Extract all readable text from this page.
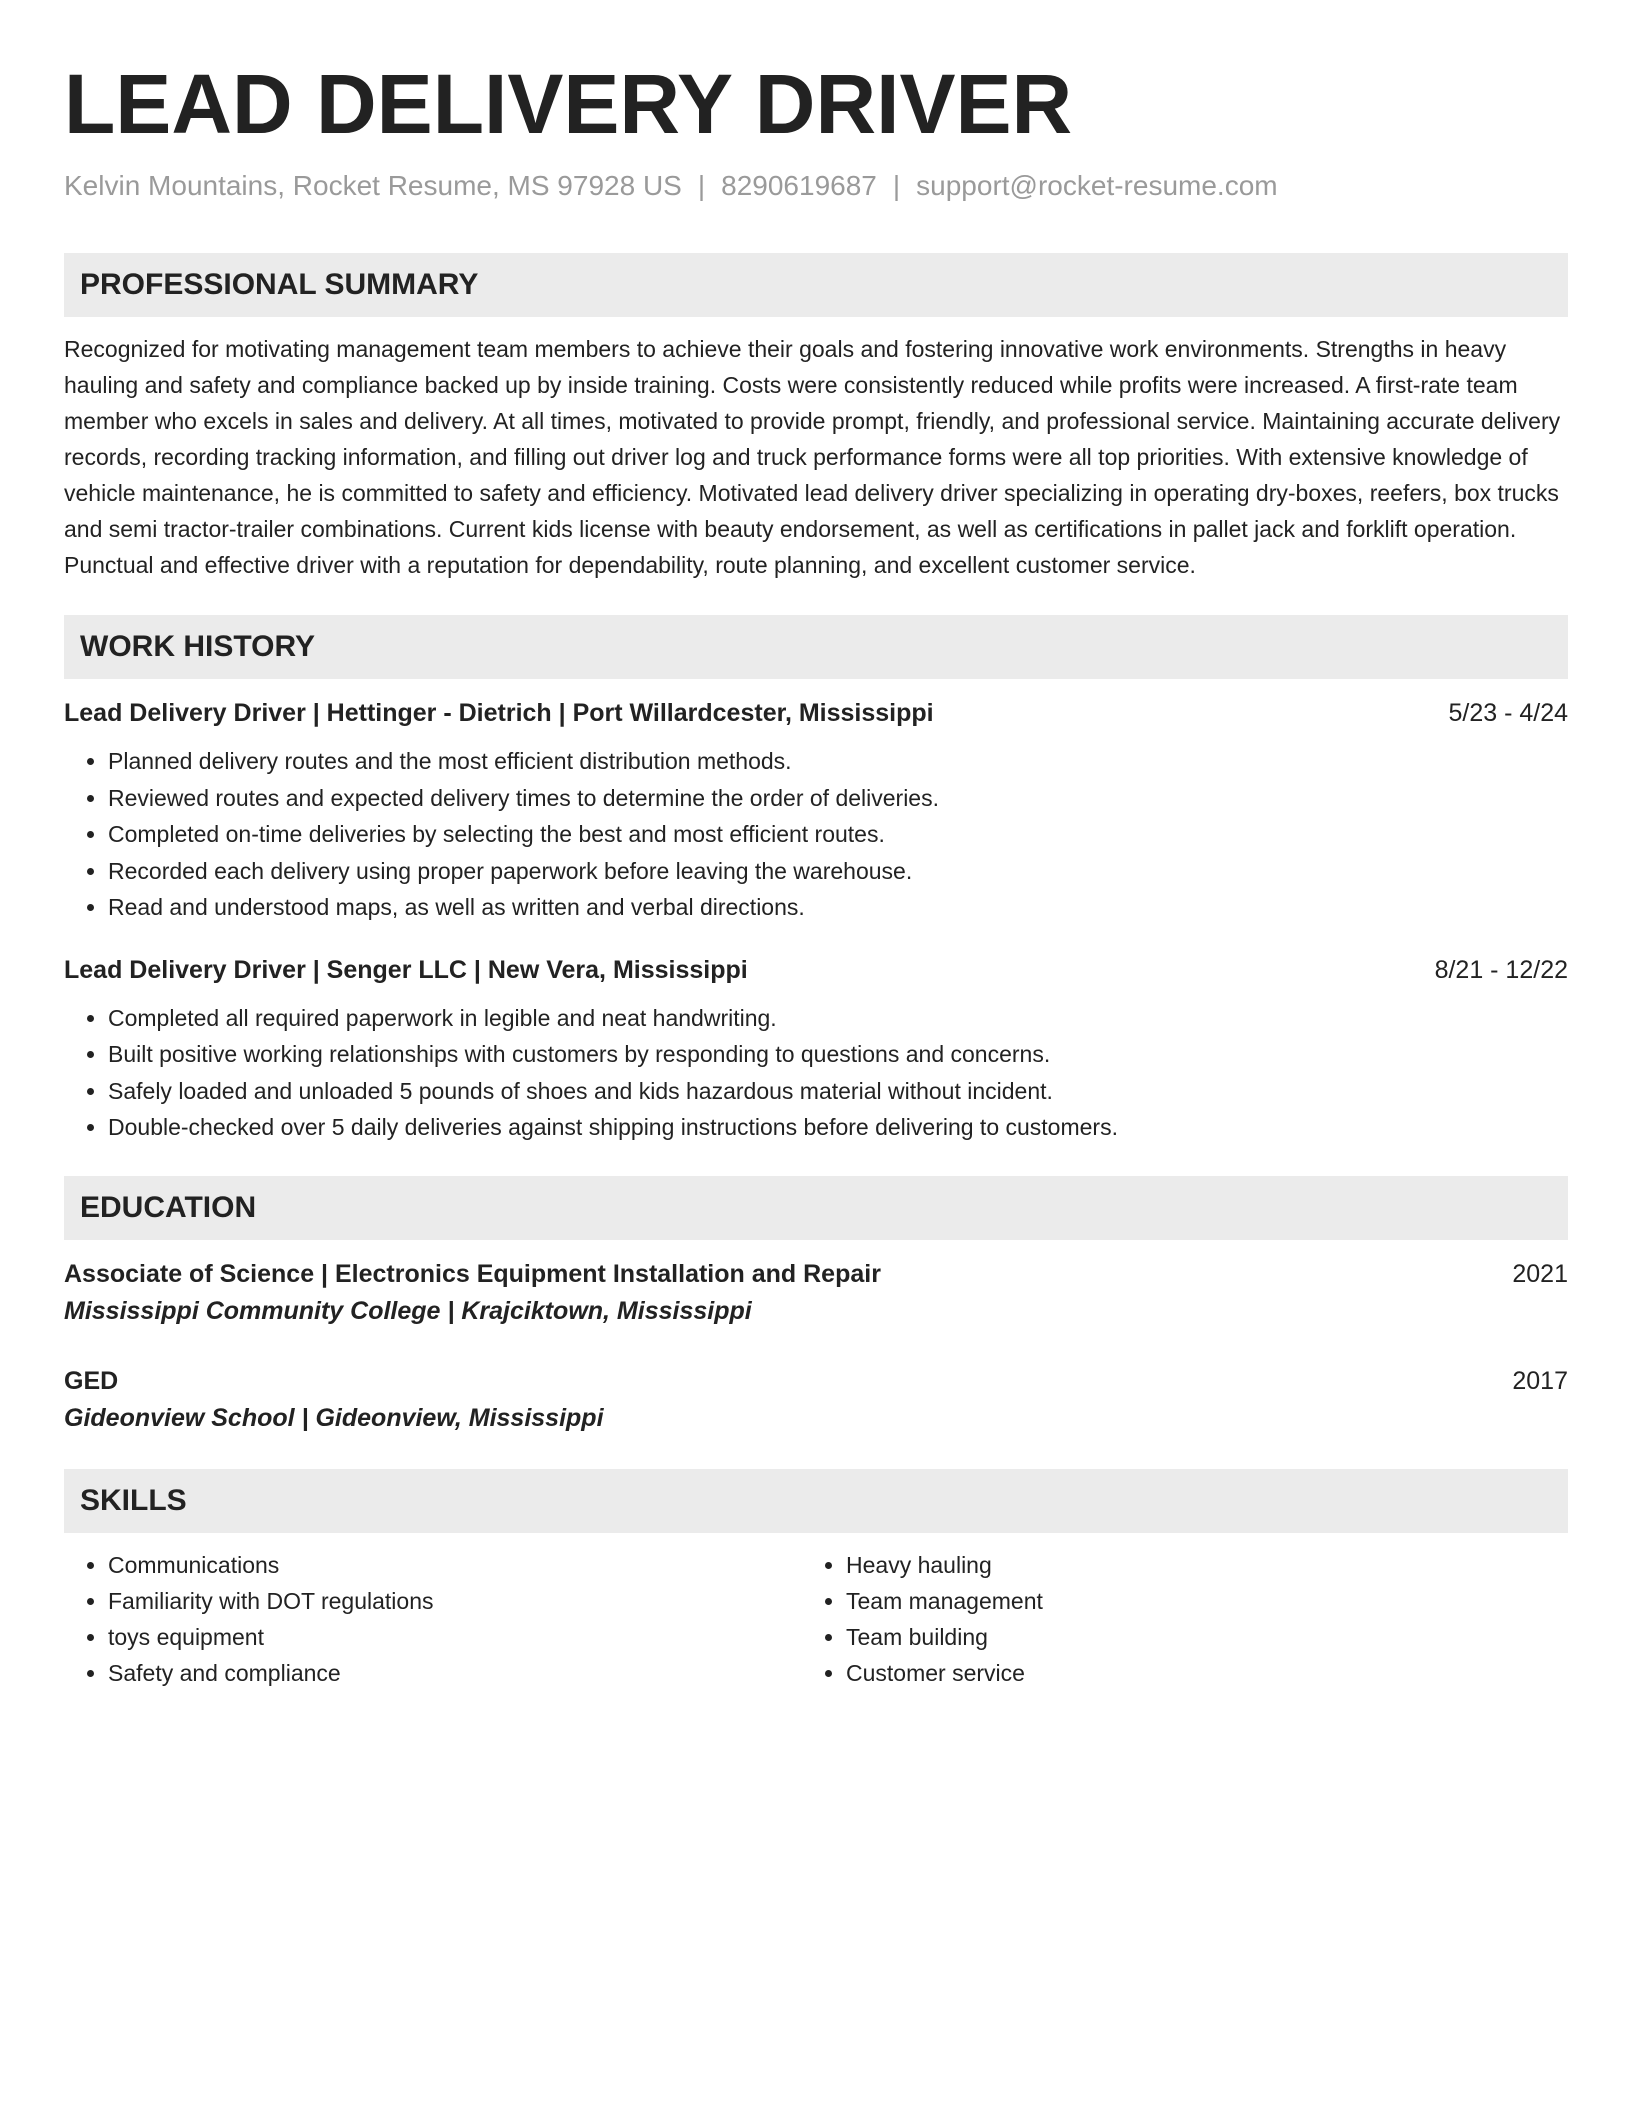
LEAD DELIVERY DRIVER
Kelvin Mountains, Rocket Resume, MS 97928 US | 8290619687 | support@rocket-resume.com
PROFESSIONAL SUMMARY

Recognized for motivating management team members to achieve their goals and fostering innovative work environments. Strengths in heavy hauling and safety and compliance backed up by inside training. Costs were consistently reduced while profits were increased. A first-rate team member who excels in sales and delivery. At all times, motivated to provide prompt, friendly, and professional service. Maintaining accurate delivery records, recording tracking information, and filling out driver log and truck performance forms were all top priorities. With extensive knowledge of vehicle maintenance, he is committed to safety and efficiency. Motivated lead delivery driver specializing in operating dry-boxes, reefers, box trucks and semi tractor-trailer combinations. Current kids license with beauty endorsement, as well as certifications in pallet jack and forklift operation. Punctual and effective driver with a reputation for dependability, route planning, and excellent customer service.

WORK HISTORY
Lead Delivery Driver | Hettinger - Dietrich | Port Willardcester, Mississippi	5/23 - 4/24
• Planned delivery routes and the most efficient distribution methods.
• Reviewed routes and expected delivery times to determine the order of deliveries.
• Completed on-time deliveries by selecting the best and most efficient routes.
• Recorded each delivery using proper paperwork before leaving the warehouse.
• Read and understood maps, as well as written and verbal directions.
Lead Delivery Driver | Senger LLC | New Vera, Mississippi	8/21 - 12/22
• Completed all required paperwork in legible and neat handwriting.
• Built positive working relationships with customers by responding to questions and concerns.
• Safely loaded and unloaded 5 pounds of shoes and kids hazardous material without incident.
• Double-checked over 5 daily deliveries against shipping instructions before delivering to customers.
EDUCATION
Associate of Science | Electronics Equipment Installation and Repair	2021
Mississippi Community College | Krajciktown, Mississippi
GED	2017
Gideonview School | Gideonview, Mississippi
SKILLS
• Communications
• Familiarity with DOT regulations
• toys equipment
• Safety and compliance
• Heavy hauling
• Team management
• Team building
• Customer service
